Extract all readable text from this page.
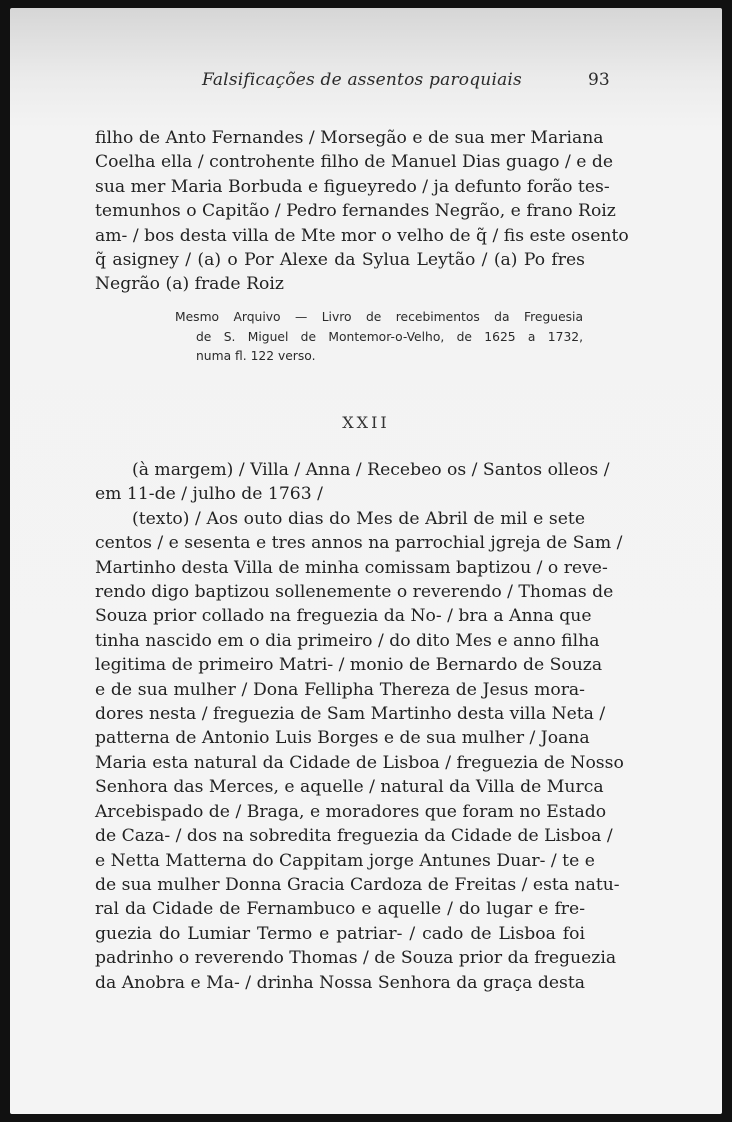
Falsificações de assentos paroquiais	93
filho de Anto Fernandes / Morsegão e de sua mer Mariana
Coelha ella / controhente filho de Manuel Dias guago / e de
sua mer Maria Borbuda e figueyredo / ja defunto forão tes-
temunhos o Capitão / Pedro fernandes Negrão, e frano Roiz
am- / bos desta villa de Mte mor o velho de q̃ / fis este osento
q̃ asigney / (a) o Por Alexe da Sylua Leytão / (a) Po fres
Negrão (a) frade Roiz
Mesmo Arquivo — Livro de recebimentos da Freguesia
de S. Miguel de Montemor-o-Velho, de 1625 a 1732,
numa fl. 122 verso.
XXII
(à margem) / Villa / Anna / Recebeo os / Santos olleos /
em 11-de / julho de 1763 /
(texto) / Aos outo dias do Mes de Abril de mil e sete
centos / e sesenta e tres annos na parrochial jgreja de Sam /
Martinho desta Villa de minha comissam baptizou / o reve-
rendo digo baptizou sollenemente o reverendo / Thomas de
Souza prior collado na freguezia da No- / bra a Anna que
tinha nascido em o dia primeiro / do dito Mes e anno filha
legitima de primeiro Matri- / monio de Bernardo de Souza
e de sua mulher / Dona Fellipha Thereza de Jesus mora-
dores nesta / freguezia de Sam Martinho desta villa Neta /
patterna de Antonio Luis Borges e de sua mulher / Joana
Maria esta natural da Cidade de Lisboa / freguezia de Nosso
Senhora das Merces, e aquelle / natural da Villa de Murca
Arcebispado de / Braga, e moradores que foram no Estado
de Caza- / dos na sobredita freguezia da Cidade de Lisboa /
e Netta Matterna do Cappitam jorge Antunes Duar- / te e
de sua mulher Donna Gracia Cardoza de Freitas / esta natu-
ral da Cidade de Fernambuco e aquelle / do lugar e fre-
guezia do Lumiar Termo e patriar- / cado de Lisboa foi
padrinho o reverendo Thomas / de Souza prior da freguezia
da Anobra e Ma- / drinha Nossa Senhora da graça desta
